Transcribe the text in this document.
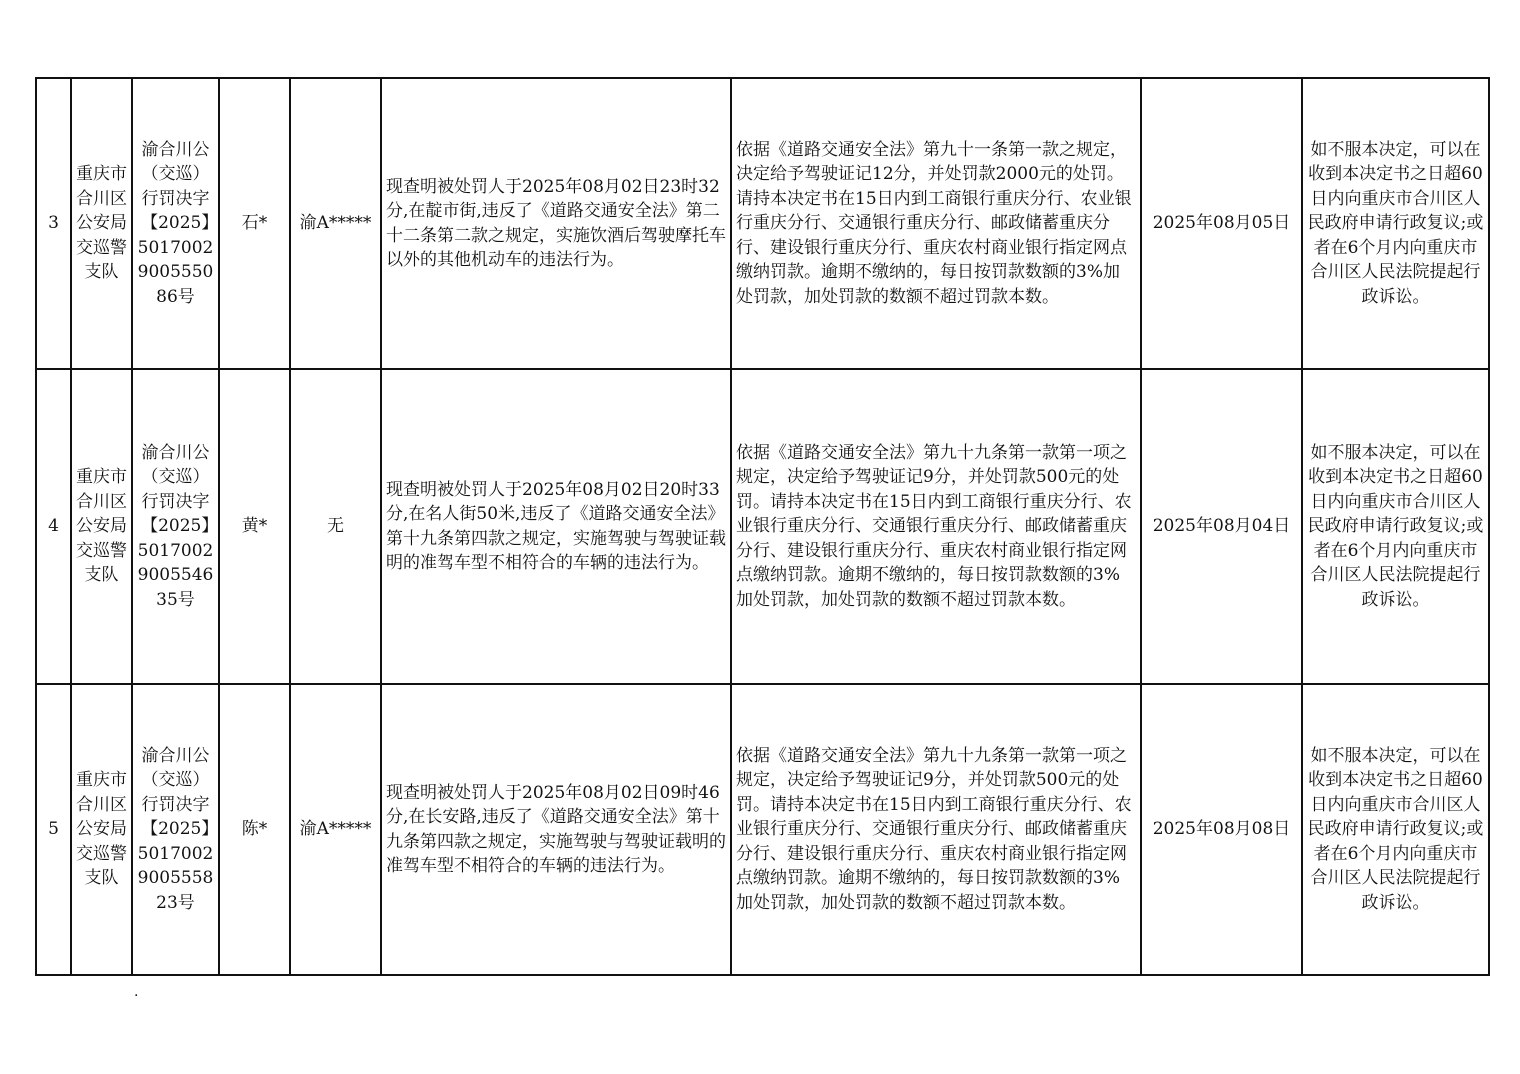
3	重庆市合川区公安局交巡警支队	渝合川公（交巡）行罚决字【2025】5017002900555086号	石*	渝A*****	现查明被处罚人于2025年08月02日23时32分,在靛市街,违反了《道路交通安全法》第二十二条第二款之规定，实施饮酒后驾驶摩托车以外的其他机动车的违法行为。	依据《道路交通安全法》第九十一条第一款之规定，决定给予驾驶证记12分，并处罚款2000元的处罚。请持本决定书在15日内到工商银行重庆分行、农业银行重庆分行、交通银行重庆分行、邮政储蓄重庆分行、建设银行重庆分行、重庆农村商业银行指定网点缴纳罚款。逾期不缴纳的，每日按罚款数额的3%加处罚款，加处罚款的数额不超过罚款本数。	2025年08月05日	如不服本决定，可以在收到本决定书之日超60日内向重庆市合川区人民政府申请行政复议;或者在6个月内向重庆市合川区人民法院提起行政诉讼。
4	重庆市合川区公安局交巡警支队	渝合川公（交巡）行罚决字【2025】5017002900554635号	黄*	无	现查明被处罚人于2025年08月02日20时33分,在名人街50米,违反了《道路交通安全法》第十九条第四款之规定，实施驾驶与驾驶证载明的准驾车型不相符合的车辆的违法行为。	依据《道路交通安全法》第九十九条第一款第一项之规定，决定给予驾驶证记9分，并处罚款500元的处罚。请持本决定书在15日内到工商银行重庆分行、农业银行重庆分行、交通银行重庆分行、邮政储蓄重庆分行、建设银行重庆分行、重庆农村商业银行指定网点缴纳罚款。逾期不缴纳的，每日按罚款数额的3%加处罚款，加处罚款的数额不超过罚款本数。	2025年08月04日	如不服本决定，可以在收到本决定书之日超60日内向重庆市合川区人民政府申请行政复议;或者在6个月内向重庆市合川区人民法院提起行政诉讼。
5	重庆市合川区公安局交巡警支队	渝合川公（交巡）行罚决字【2025】5017002900555823号	陈*	渝A*****	现查明被处罚人于2025年08月02日09时46分,在长安路,违反了《道路交通安全法》第十九条第四款之规定，实施驾驶与驾驶证载明的准驾车型不相符合的车辆的违法行为。	依据《道路交通安全法》第九十九条第一款第一项之规定，决定给予驾驶证记9分，并处罚款500元的处罚。请持本决定书在15日内到工商银行重庆分行、农业银行重庆分行、交通银行重庆分行、邮政储蓄重庆分行、建设银行重庆分行、重庆农村商业银行指定网点缴纳罚款。逾期不缴纳的，每日按罚款数额的3%加处罚款，加处罚款的数额不超过罚款本数。	2025年08月08日	如不服本决定，可以在收到本决定书之日超60日内向重庆市合川区人民政府申请行政复议;或者在6个月内向重庆市合川区人民法院提起行政诉讼。
.
